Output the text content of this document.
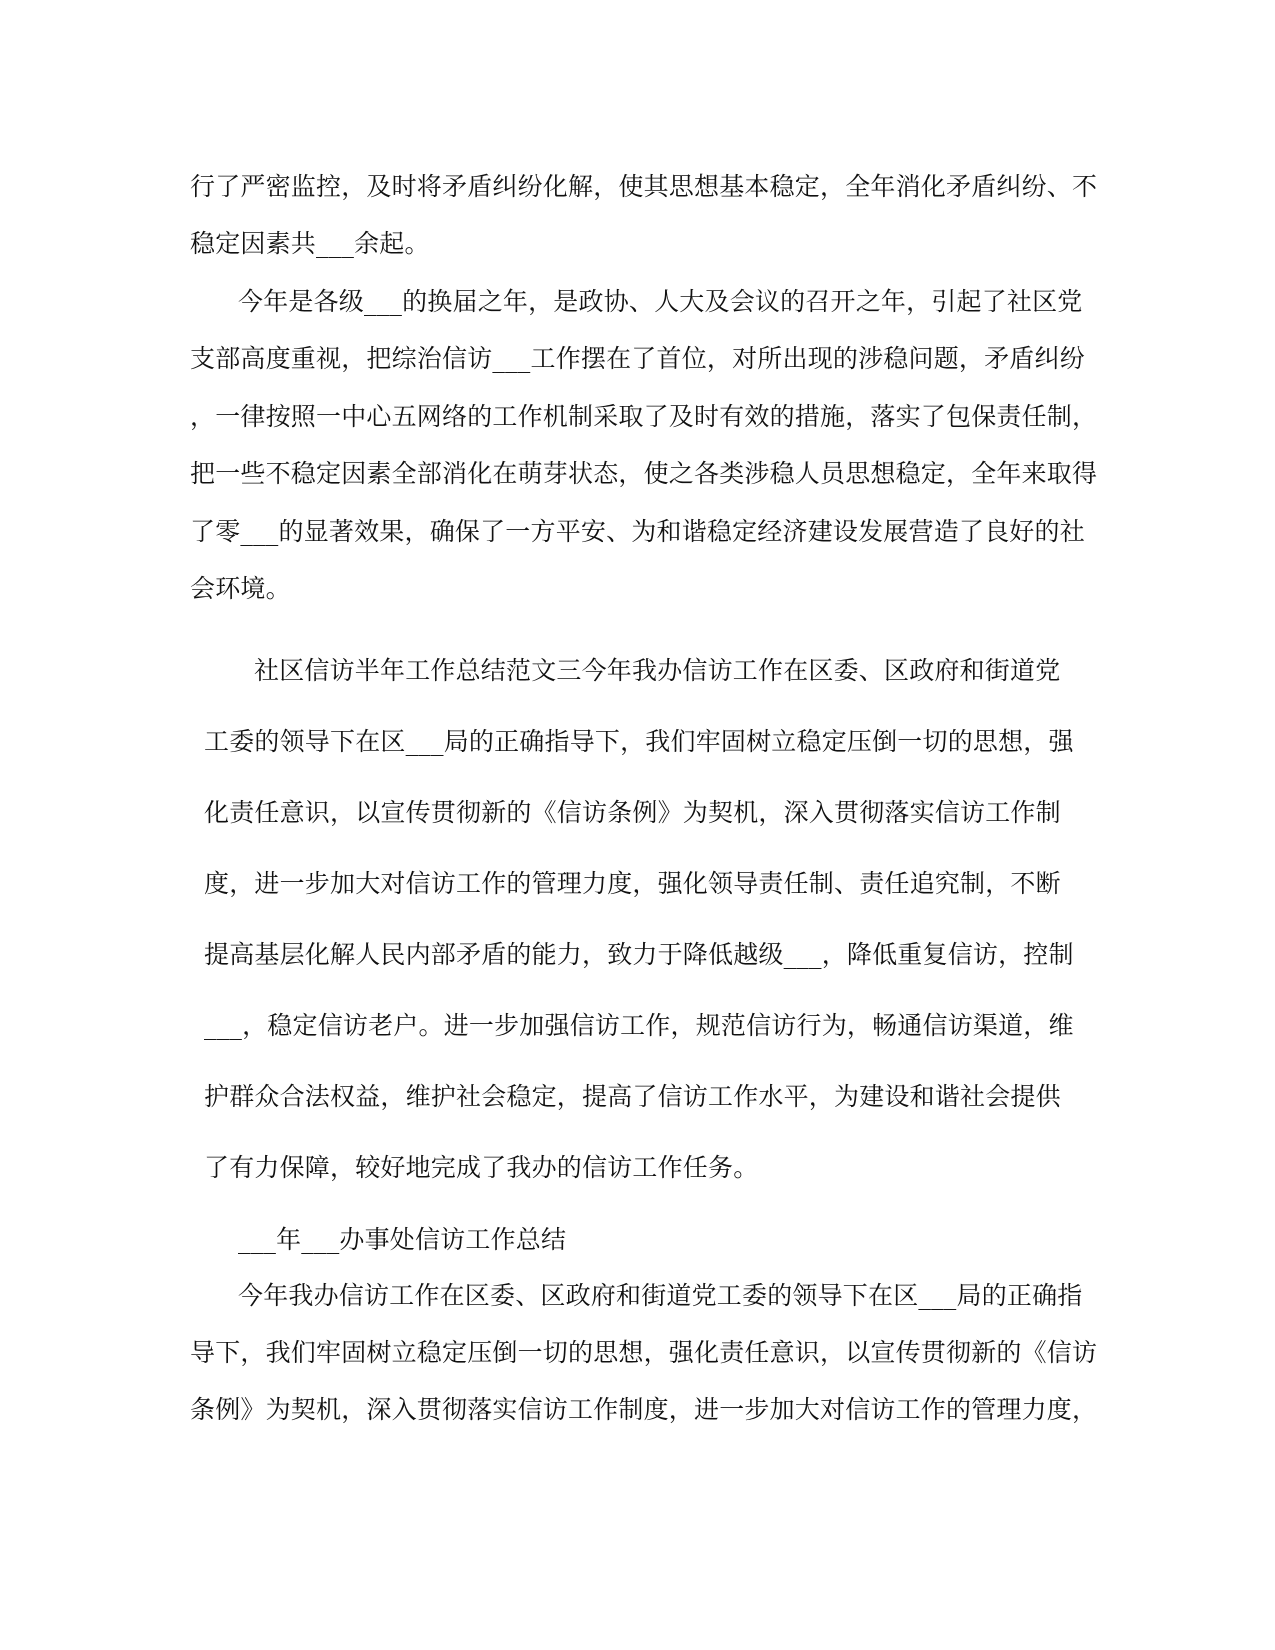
行了严密监控，及时将矛盾纠纷化解，使其思想基本稳定，全年消化矛盾纠纷、不
稳定因素共___余起。
今年是各级___的换届之年，是政协、人大及会议的召开之年，引起了社区党
支部高度重视，把综治信访___工作摆在了首位，对所出现的涉稳问题，矛盾纠纷
，一律按照一中心五网络的工作机制采取了及时有效的措施，落实了包保责任制，
把一些不稳定因素全部消化在萌芽状态，使之各类涉稳人员思想稳定，全年来取得
了零___的显著效果，确保了一方平安、为和谐稳定经济建设发展营造了良好的社
会环境。
社区信访半年工作总结范文三今年我办信访工作在区委、区政府和街道党
工委的领导下在区___局的正确指导下，我们牢固树立稳定压倒一切的思想，强
化责任意识，以宣传贯彻新的《信访条例》为契机，深入贯彻落实信访工作制
度，进一步加大对信访工作的管理力度，强化领导责任制、责任追究制，不断
提高基层化解人民内部矛盾的能力，致力于降低越级___，降低重复信访，控制
___，稳定信访老户。进一步加强信访工作，规范信访行为，畅通信访渠道，维
护群众合法权益，维护社会稳定，提高了信访工作水平，为建设和谐社会提供
了有力保障，较好地完成了我办的信访工作任务。
___年___办事处信访工作总结
今年我办信访工作在区委、区政府和街道党工委的领导下在区___局的正确指
导下，我们牢固树立稳定压倒一切的思想，强化责任意识，以宣传贯彻新的《信访
条例》为契机，深入贯彻落实信访工作制度，进一步加大对信访工作的管理力度，
